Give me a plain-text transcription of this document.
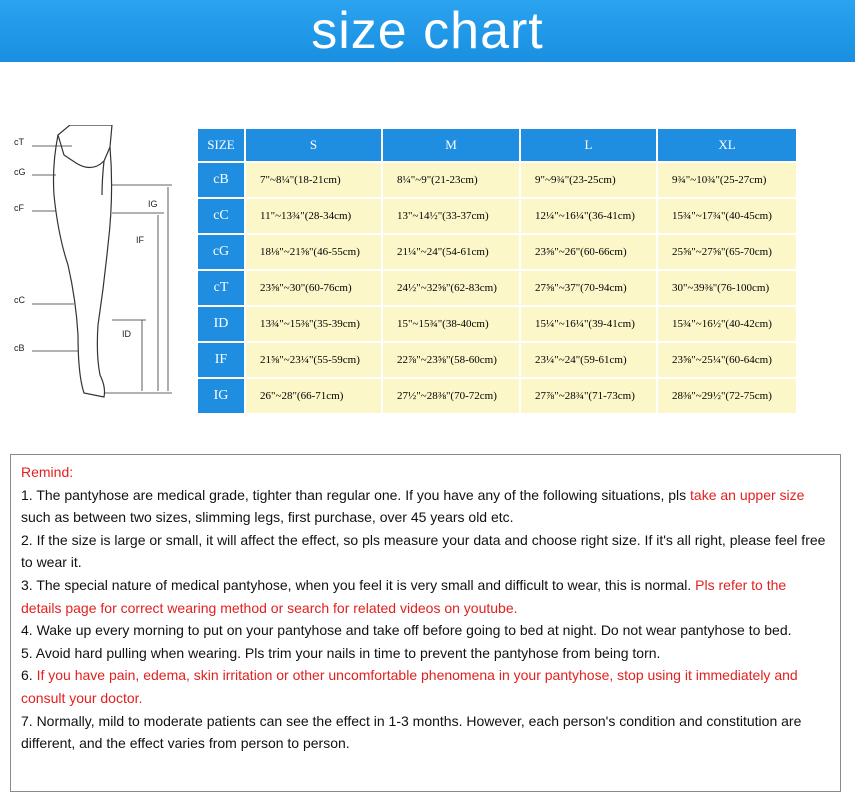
size chart
cT
cG
cF
cC
cB
IG
IF
ID
SIZE	S	M	L	XL
cB	7"~8¼"(18-21cm)	8¼"~9"(21-23cm)	9"~9¾"(23-25cm)	9¾"~10¾"(25-27cm)
cC	11"~13¾"(28-34cm)	13"~14½"(33-37cm)	12¼"~16¼"(36-41cm)	15¾"~17¾"(40-45cm)
cG	18⅛"~21⅝"(46-55cm)	21¼"~24"(54-61cm)	23⅝"~26"(60-66cm)	25⅝"~27⅝"(65-70cm)
cT	23⅝"~30"(60-76cm)	24½"~32⅝"(62-83cm)	27⅝"~37"(70-94cm)	30"~39⅜"(76-100cm)
ID	13¾"~15⅜"(35-39cm)	15"~15¾"(38-40cm)	15¼"~16¼"(39-41cm)	15¾"~16½"(40-42cm)
IF	21⅝"~23¼"(55-59cm)	22⅞"~23⅝"(58-60cm)	23¼"~24"(59-61cm)	23⅝"~25¼"(60-64cm)
IG	26"~28"(66-71cm)	27½"~28⅜"(70-72cm)	27⅞"~28¾"(71-73cm)	28⅜"~29½"(72-75cm)
Remind:
1. The pantyhose are medical grade, tighter than regular one. If you have any of the following situations, pls take an upper size such as between two sizes, slimming legs, first purchase, over 45 years old etc.
2. If the size is large or small, it will affect the effect, so pls measure your data and choose right size. If it's all right, please feel free to wear it.
3. The special nature of medical pantyhose, when you feel it is very small and difficult to wear, this is normal. Pls refer to the details page for correct wearing method or search for related videos on youtube.
4. Wake up every morning to put on your pantyhose and take off before going to bed at night. Do not wear pantyhose to bed.
5. Avoid hard pulling when wearing. Pls trim your nails in time to prevent the pantyhose from being torn.
6. If you have pain, edema, skin irritation or other uncomfortable phenomena in your pantyhose, stop using it immediately and consult your doctor.
7. Normally, mild to moderate patients can see the effect in 1-3 months. However, each person's condition and constitution are different, and the effect varies from person to person.
